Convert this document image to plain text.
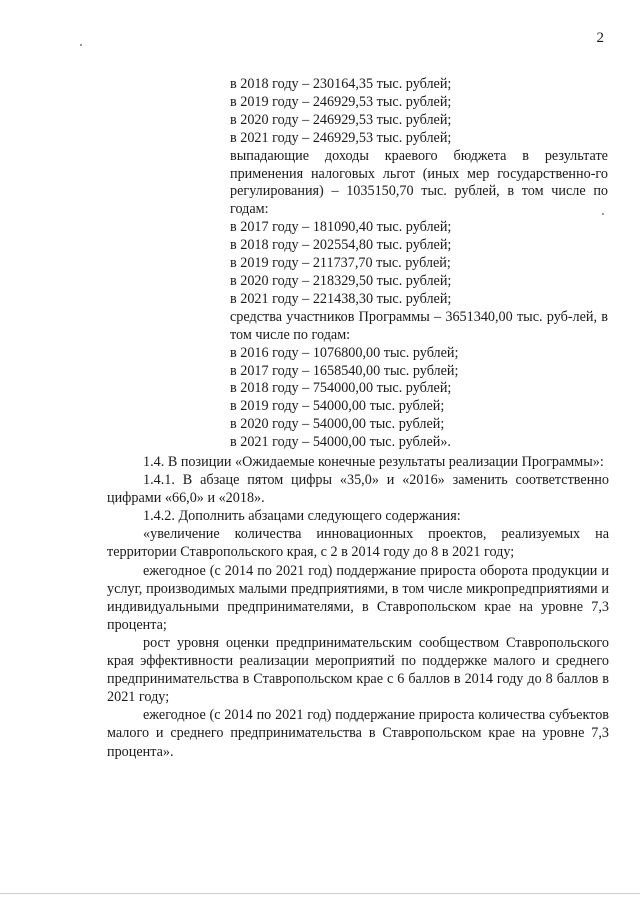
2
в 2018 году – 230164,35 тыс. рублей;
в 2019 году – 246929,53 тыс. рублей;
в 2020 году – 246929,53 тыс. рублей;
в 2021 году – 246929,53 тыс. рублей;
выпадающие доходы краевого бюджета в результате применения налоговых льгот (иных мер государственно-го регулирования) – 1035150,70 тыс. рублей, в том числе по годам:
в 2017 году – 181090,40 тыс. рублей;
в 2018 году – 202554,80 тыс. рублей;
в 2019 году – 211737,70 тыс. рублей;
в 2020 году – 218329,50 тыс. рублей;
в 2021 году – 221438,30 тыс. рублей;
средства участников Программы – 3651340,00 тыс. руб-лей, в том числе по годам:
в 2016 году – 1076800,00 тыс. рублей;
в 2017 году – 1658540,00 тыс. рублей;
в 2018 году – 754000,00 тыс. рублей;
в 2019 году – 54000,00 тыс. рублей;
в 2020 году – 54000,00 тыс. рублей;
в 2021 году – 54000,00 тыс. рублей».

1.4. В позиции «Ожидаемые конечные результаты реализации Программы»:

1.4.1. В абзаце пятом цифры «35,0» и «2016» заменить соответственно цифрами «66,0» и «2018».

1.4.2. Дополнить абзацами следующего содержания:

«увеличение количества инновационных проектов, реализуемых на территории Ставропольского края, с 2 в 2014 году до 8 в 2021 году;

ежегодное (с 2014 по 2021 год) поддержание прироста оборота продукции и услуг, производимых малыми предприятиями, в том числе микропредприятиями и индивидуальными предпринимателями, в Ставропольском крае на уровне 7,3 процента;

рост уровня оценки предпринимательским сообществом Ставропольского края эффективности реализации мероприятий по поддержке малого и среднего предпринимательства в Ставропольском крае с 6 баллов в 2014 году до 8 баллов в 2021 году;

ежегодное (с 2014 по 2021 год) поддержание прироста количества субъектов малого и среднего предпринимательства в Ставропольском крае на уровне 7,3 процента».
